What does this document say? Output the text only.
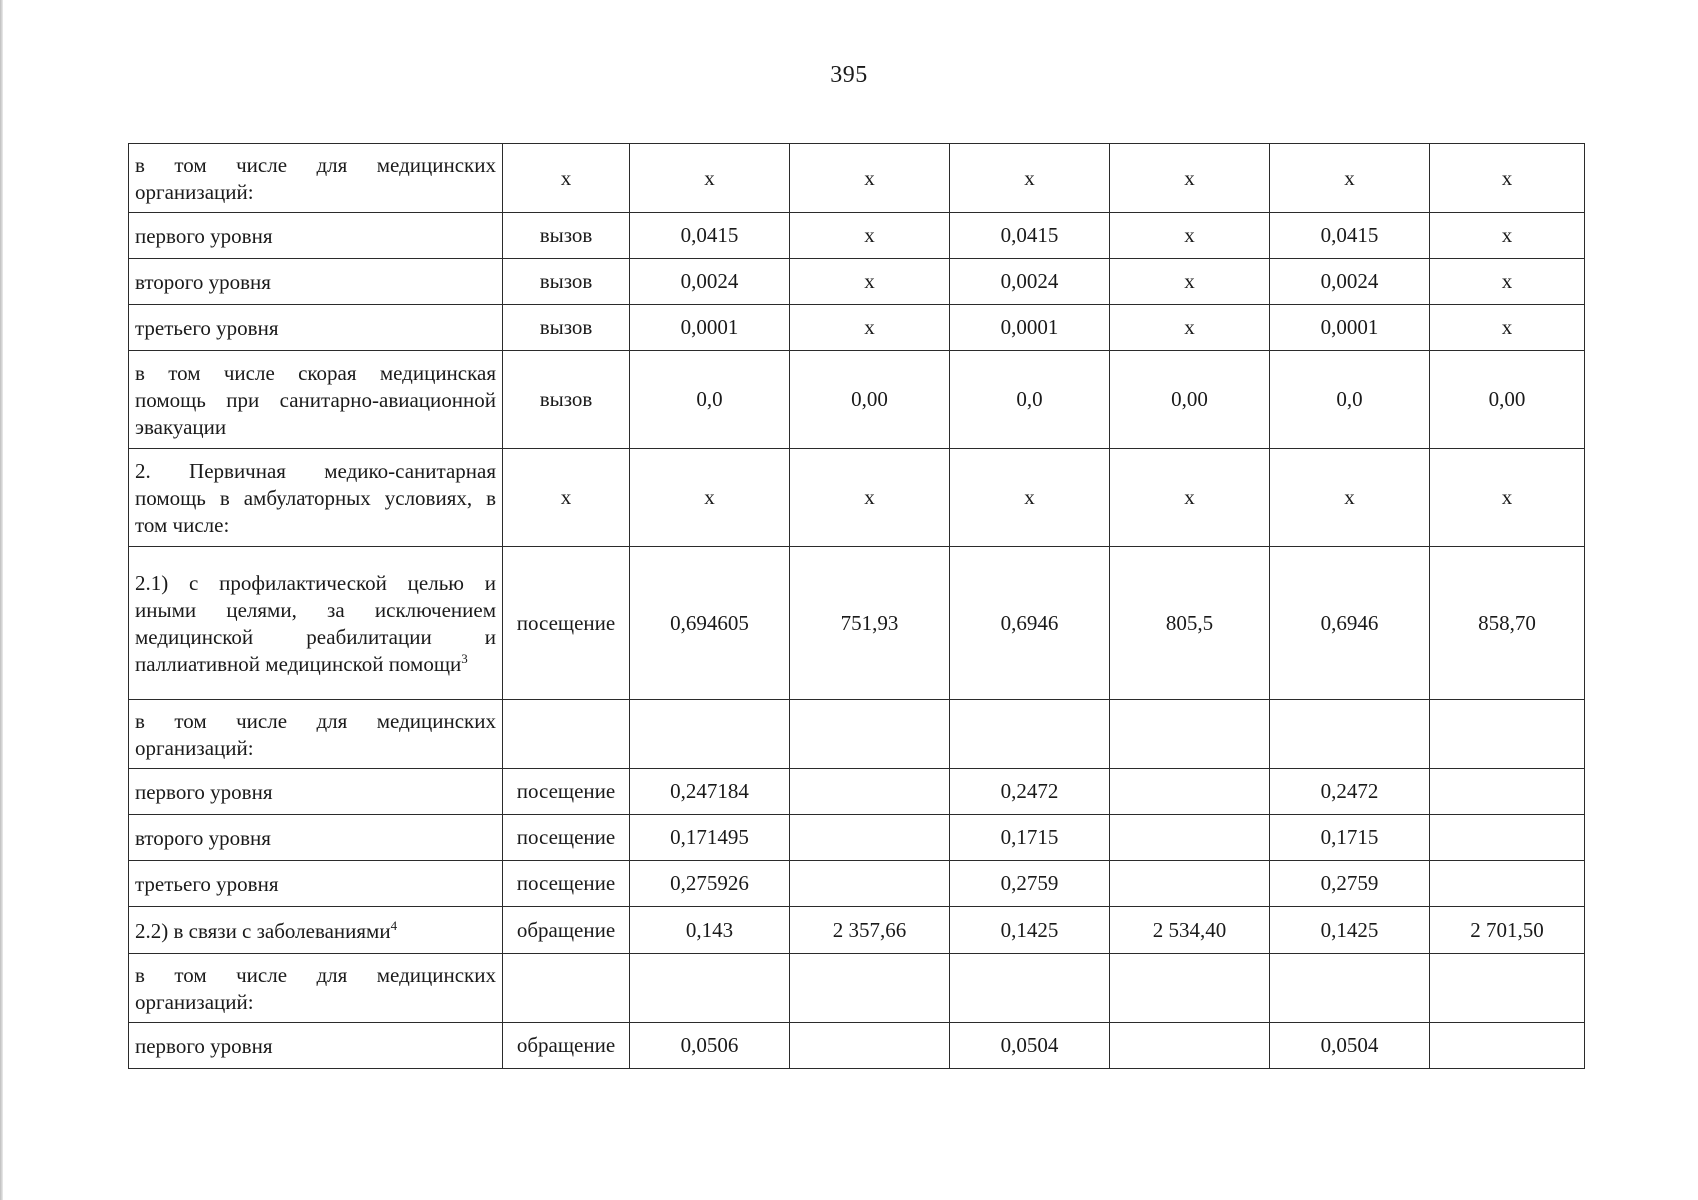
395
в том числе для медицинских организаций:	х	х	х	х	х	х	х
первого уровня	вызов	0,0415	х	0,0415	х	0,0415	х
второго уровня	вызов	0,0024	х	0,0024	х	0,0024	х
третьего уровня	вызов	0,0001	х	0,0001	х	0,0001	х
в том числе скорая медицинская помощь при санитарно-авиационной эвакуации	вызов	0,0	0,00	0,0	0,00	0,0	0,00
2. Первичная медико-санитарная помощь в амбулаторных условиях, в том числе:	х	х	х	х	х	х	х
2.1) с профилактической целью и иными целями, за исключением медицинской реабилитации и паллиативной медицинской помощи$^3$	посещение	0,694605	751,93	0,6946	805,5	0,6946	858,70
в том числе для медицинских организаций:							
первого уровня	посещение	0,247184		0,2472		0,2472	
второго уровня	посещение	0,171495		0,1715		0,1715	
третьего уровня	посещение	0,275926		0,2759		0,2759	
2.2) в связи с заболеваниями$^4$	обращение	0,143	2 357,66	0,1425	2 534,40	0,1425	2 701,50
в том числе для медицинских организаций:							
первого уровня	обращение	0,0506		0,0504		0,0504	
